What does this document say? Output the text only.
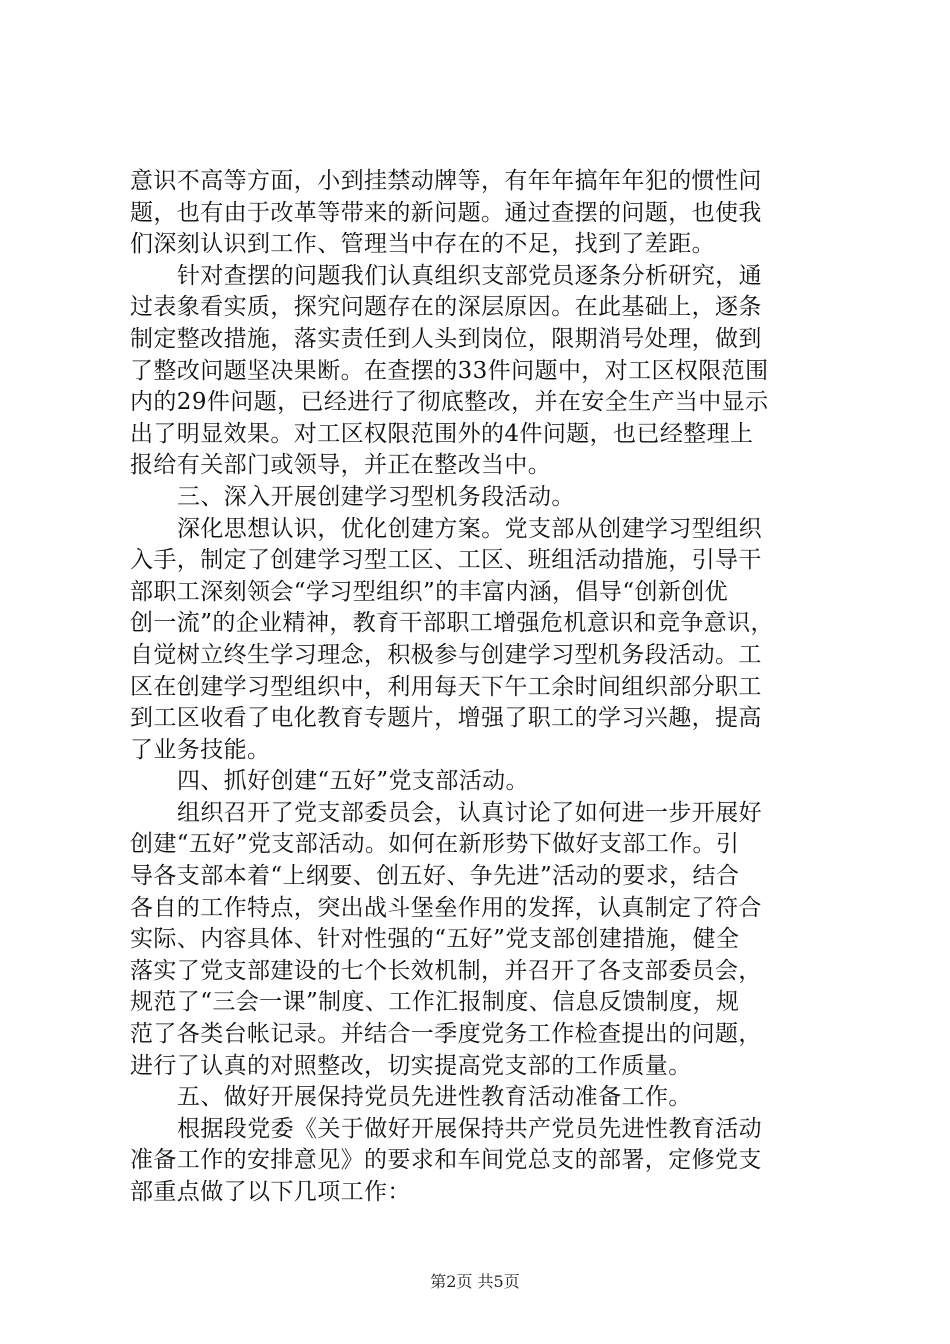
意识不高等方面，小到挂禁动牌等，有年年搞年年犯的惯性问
题，也有由于改革等带来的新问题。通过查摆的问题，也使我
们深刻认识到工作、管理当中存在的不足，找到了差距。
针对查摆的问题我们认真组织支部党员逐条分析研究，通
过表象看实质，探究问题存在的深层原因。在此基础上，逐条
制定整改措施，落实责任到人头到岗位，限期消号处理，做到
了整改问题坚决果断。在查摆的33件问题中，对工区权限范围
内的29件问题，已经进行了彻底整改，并在安全生产当中显示
出了明显效果。对工区权限范围外的4件问题，也已经整理上
报给有关部门或领导，并正在整改当中。
三、深入开展创建学习型机务段活动。
深化思想认识，优化创建方案。党支部从创建学习型组织
入手，制定了创建学习型工区、工区、班组活动措施，引导干
部职工深刻领会“学习型组织”的丰富内涵，倡导“创新创优
创一流”的企业精神，教育干部职工增强危机意识和竞争意识，
自觉树立终生学习理念，积极参与创建学习型机务段活动。工
区在创建学习型组织中，利用每天下午工余时间组织部分职工
到工区收看了电化教育专题片，增强了职工的学习兴趣，提高
了业务技能。
四、抓好创建“五好”党支部活动。
组织召开了党支部委员会，认真讨论了如何进一步开展好
创建“五好”党支部活动。如何在新形势下做好支部工作。引
导各支部本着“上纲要、创五好、争先进”活动的要求，结合
各自的工作特点，突出战斗堡垒作用的发挥，认真制定了符合
实际、内容具体、针对性强的“五好”党支部创建措施，健全
落实了党支部建设的七个长效机制，并召开了各支部委员会，
规范了“三会一课”制度、工作汇报制度、信息反馈制度，规
范了各类台帐记录。并结合一季度党务工作检查提出的问题，
进行了认真的对照整改，切实提高党支部的工作质量。
五、做好开展保持党员先进性教育活动准备工作。
根据段党委《关于做好开展保持共产党员先进性教育活动
准备工作的安排意见》的要求和车间党总支的部署，定修党支
部重点做了以下几项工作：
第2页 共5页
